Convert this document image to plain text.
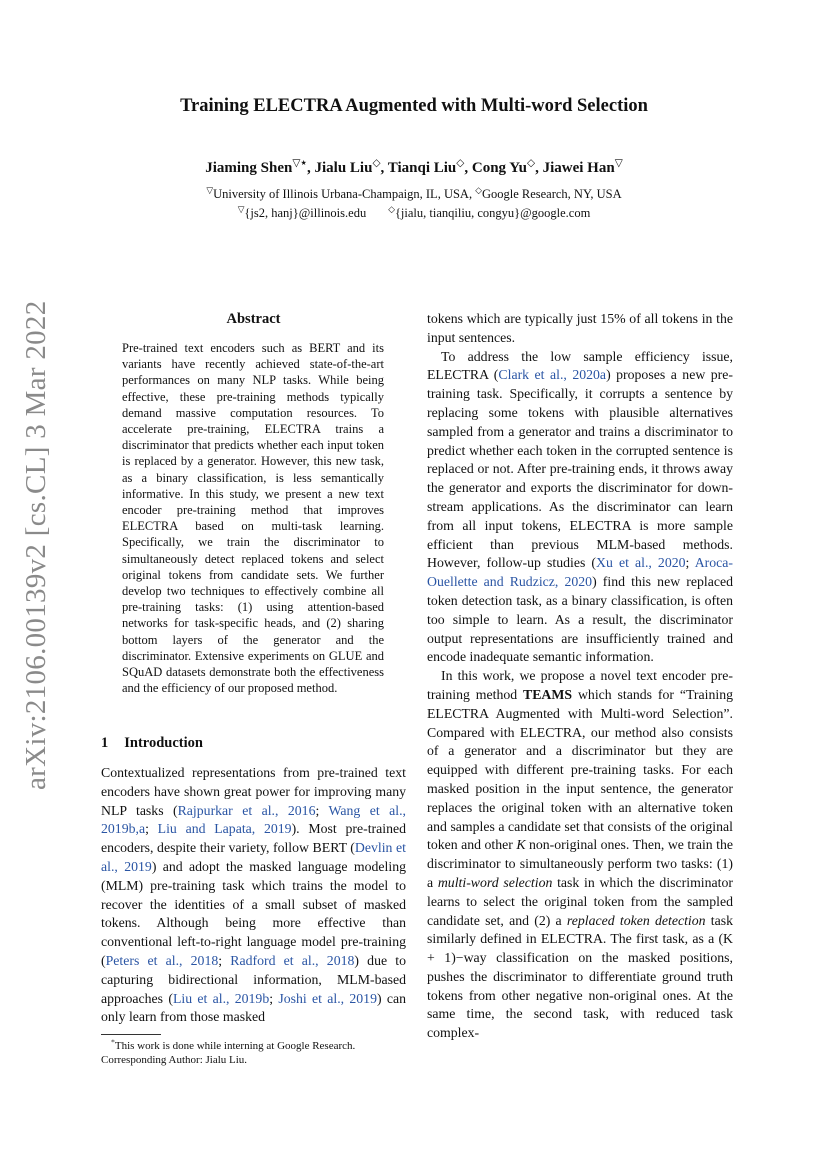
arXiv:2106.00139v2 [cs.CL] 3 Mar 2022
Training ELECTRA Augmented with Multi-word Selection
Jiaming Shen▽⋆, Jialu Liu◇, Tianqi Liu◇, Cong Yu◇, Jiawei Han▽
▽University of Illinois Urbana-Champaign, IL, USA, ◇Google Research, NY, USA
▽{js2, hanj}@illinois.edu	◇{jialu, tianqiliu, congyu}@google.com
Abstract

Pre-trained text encoders such as BERT and its variants have recently achieved state-of-the-art performances on many NLP tasks. While being effective, these pre-training methods typically demand massive computation resources. To accelerate pre-training, ELECTRA trains a discriminator that predicts whether each input token is replaced by a generator. However, this new task, as a binary classification, is less semantically informative. In this study, we present a new text encoder pre-training method that improves ELECTRA based on multi-task learning. Specifically, we train the discriminator to simultaneously detect replaced tokens and select original tokens from candidate sets. We further develop two techniques to effectively combine all pre-training tasks: (1) using attention-based networks for task-specific heads, and (2) sharing bottom layers of the generator and the discriminator. Extensive experiments on GLUE and SQuAD datasets demonstrate both the effectiveness and the efficiency of our proposed method.

1 Introduction

Contextualized representations from pre-trained text encoders have shown great power for improving many NLP tasks (Rajpurkar et al., 2016; Wang et al., 2019b,a; Liu and Lapata, 2019). Most pre-trained encoders, despite their variety, follow BERT (Devlin et al., 2019) and adopt the masked language modeling (MLM) pre-training task which trains the model to recover the identities of a small subset of masked tokens. Although being more effective than conventional left-to-right language model pre-training (Peters et al., 2018; Radford et al., 2018) due to capturing bidirectional information, MLM-based approaches (Liu et al., 2019b; Joshi et al., 2019) can only learn from those masked

*This work is done while interning at Google Research.

Corresponding Author: Jialu Liu.

tokens which are typically just 15% of all tokens in the input sentences.

To address the low sample efficiency issue, ELECTRA (Clark et al., 2020a) proposes a new pre-training task. Specifically, it corrupts a sentence by replacing some tokens with plausible alternatives sampled from a generator and trains a discriminator to predict whether each token in the corrupted sentence is replaced or not. After pre-training ends, it throws away the generator and exports the discriminator for down-stream applications. As the discriminator can learn from all input tokens, ELECTRA is more sample efficient than previous MLM-based methods. However, follow-up studies (Xu et al., 2020; Aroca-Ouellette and Rudzicz, 2020) find this new replaced token detection task, as a binary classification, is often too simple to learn. As a result, the discriminator output representations are insufficiently trained and encode inadequate semantic information.

In this work, we propose a novel text encoder pre-training method TEAMS which stands for “Training ELECTRA Augmented with Multi-word Selection”. Compared with ELECTRA, our method also consists of a generator and a discriminator but they are equipped with different pre-training tasks. For each masked position in the input sentence, the generator replaces the original token with an alternative token and samples a candidate set that consists of the original token and other K non-original ones. Then, we train the discriminator to simultaneously perform two tasks: (1) a multi-word selection task in which the discriminator learns to select the original token from the sampled candidate set, and (2) a replaced token detection task similarly defined in ELECTRA. The first task, as a (K + 1)−way classification on the masked positions, pushes the discriminator to differentiate ground truth tokens from other negative non-original ones. At the same time, the second task, with reduced task complex-
